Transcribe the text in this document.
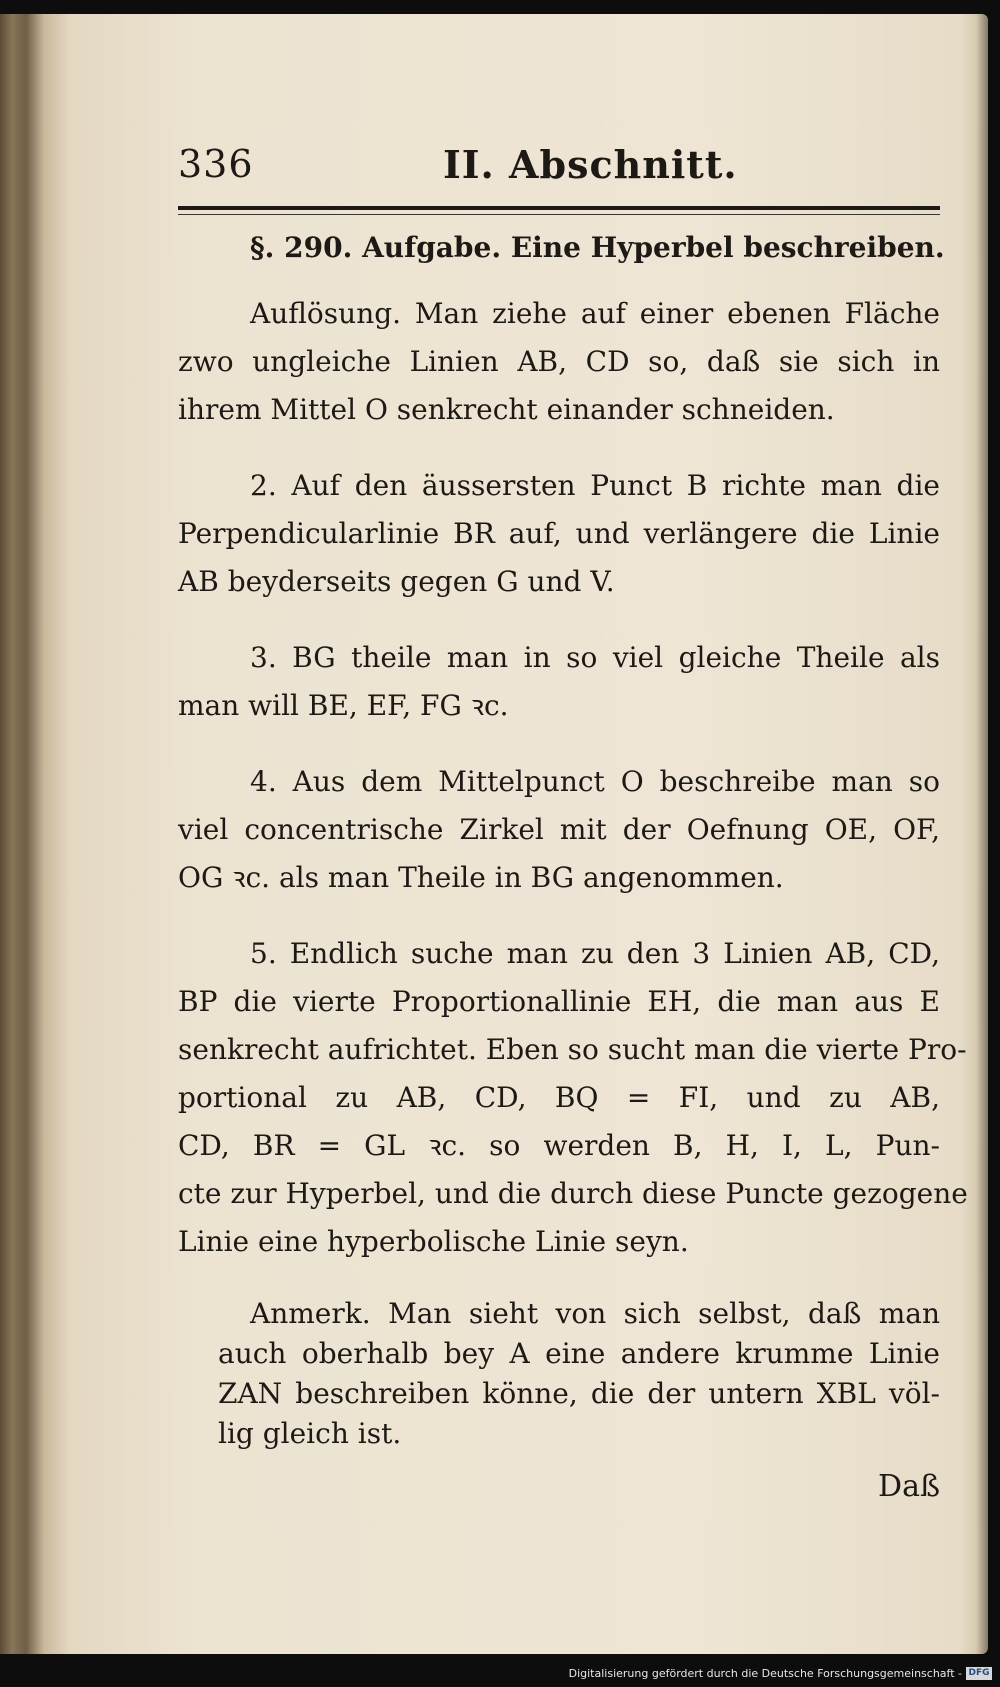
336	II. Abschnitt.
§. 290. Aufgabe. Eine Hyperbel beschreiben.
Auflösung. Man ziehe auf einer ebenen Fläche
zwo ungleiche Linien AB, CD so, daß sie sich in
ihrem Mittel O senkrecht einander schneiden.
2. Auf den äussersten Punct B richte man die
Perpendicularlinie BR auf, und verlängere die Linie
AB beyderseits gegen G und V.
3. BG theile man in so viel gleiche Theile als
man will BE, EF, FG ꝛc.
4. Aus dem Mittelpunct O beschreibe man so
viel concentrische Zirkel mit der Oefnung OE, OF,
OG ꝛc. als man Theile in BG angenommen.
5. Endlich suche man zu den 3 Linien AB, CD,
BP die vierte Proportionallinie EH, die man aus E
senkrecht aufrichtet. Eben so sucht man die vierte Pro-
portional zu AB, CD, BQ = FI, und zu AB,
CD, BR = GL ꝛc. so werden B, H, I, L, Pun-
cte zur Hyperbel, und die durch diese Puncte gezogene
Linie eine hyperbolische Linie seyn.
Anmerk. Man sieht von sich selbst, daß man
auch oberhalb bey A eine andere krumme Linie
ZAN beschreiben könne, die der untern XBL völ-
lig gleich ist.
Daß
Digitalisierung gefördert durch die Deutsche Forschungsgemeinschaft - DFG
